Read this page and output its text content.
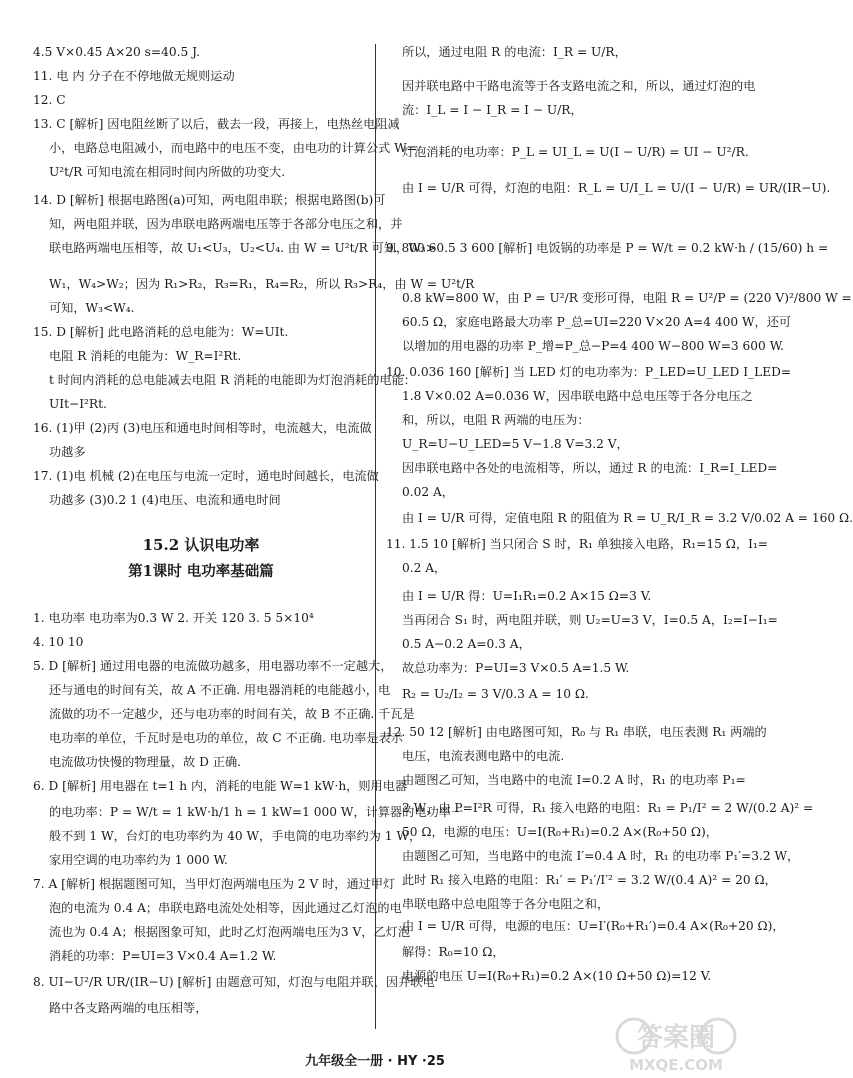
4.5 V×0.45 A×20 s=40.5 J.
11. 电 内 分子在不停地做无规则运动
12. C
13. C [解析] 因电阻丝断了以后，截去一段，再接上，电热丝电阻减
小，电路总电阻减小，而电路中的电压不变，由电功的计算公式 W=
U²t/R 可知电流在相同时间内所做的功变大.
14. D [解析] 根据电路图(a)可知，两电阻串联；根据电路图(b)可
知，两电阻并联，因为串联电路两端电压等于各部分电压之和，并
联电路两端电压相等，故 U₁<U₃，U₂<U₄. 由 W = U²t/R 可知，W₃>
W₁，W₄>W₂；因为 R₁>R₂，R₃=R₁，R₄=R₂，所以 R₃>R₄，由 W = U²t/R
可知，W₃<W₄.
15. D [解析] 此电路消耗的总电能为：W=UIt.
电阻 R 消耗的电能为：W_R=I²Rt.
t 时间内消耗的总电能减去电阻 R 消耗的电能即为灯泡消耗的电能：
UIt−I²Rt.
16. (1)甲 (2)丙 (3)电压和通电时间相等时，电流越大，电流做
功越多
17. (1)电 机械 (2)在电压与电流一定时，通电时间越长，电流做
功越多 (3)0.2 1 (4)电压、电流和通电时间
第1课时 电功率基础篇
1. 电功率 电功率为0.3 W 2. 开关 120 3. 5 5×10⁴
4. 10 10
5. D [解析] 通过用电器的电流做功越多，用电器功率不一定越大，
还与通电的时间有关，故 A 不正确. 用电器消耗的电能越小，电
流做的功不一定越少，还与电功率的时间有关，故 B 不正确. 千瓦是
电功率的单位，千瓦时是电功的单位，故 C 不正确. 电功率是表示
电流做功快慢的物理量，故 D 正确.
6. D [解析] 用电器在 t=1 h 内，消耗的电能 W=1 kW·h，则用电器
的电功率：P = W/t = 1 kW·h/1 h = 1 kW=1 000 W，计算器的电功率一
般不到 1 W，台灯的电功率约为 40 W，手电筒的电功率约为 1 W，
家用空调的电功率约为 1 000 W.
7. A [解析] 根据题图可知，当甲灯泡两端电压为 2 V 时，通过甲灯
泡的电流为 0.4 A；串联电路电流处处相等，因此通过乙灯泡的电
流也为 0.4 A；根据图象可知，此时乙灯泡两端电压为3 V，乙灯泡
消耗的功率：P=UI=3 V×0.4 A=1.2 W.
8. UI−U²/R UR/(IR−U) [解析] 由题意可知，灯泡与电阻并联，因并联电
路中各支路两端的电压相等，
15.2 认识电功率
所以，通过电阻 R 的电流：I_R = U/R，
因并联电路中干路电流等于各支路电流之和，所以，通过灯泡的电
流：I_L = I − I_R = I − U/R，
灯泡消耗的电功率：P_L = UI_L = U(I − U/R) = UI − U²/R.
由 I = U/R 可得，灯泡的电阻：R_L = U/I_L = U/(I − U/R) = UR/(IR−U).
9. 800 60.5 3 600 [解析] 电饭锅的功率是 P = W/t = 0.2 kW·h / (15/60) h =
0.8 kW=800 W，由 P = U²/R 变形可得，电阻 R = U²/P = (220 V)²/800 W =
60.5 Ω，家庭电路最大功率 P_总=UI=220 V×20 A=4 400 W，还可
以增加的用电器的功率 P_增=P_总−P=4 400 W−800 W=3 600 W.
10. 0.036 160 [解析] 当 LED 灯的电功率为：P_LED=U_LED I_LED=
1.8 V×0.02 A=0.036 W，因串联电路中总电压等于各分电压之
和，所以，电阻 R 两端的电压为：
U_R=U−U_LED=5 V−1.8 V=3.2 V，
因串联电路中各处的电流相等，所以，通过 R 的电流：I_R=I_LED=
0.02 A，
由 I = U/R 可得，定值电阻 R 的阻值为 R = U_R/I_R = 3.2 V/0.02 A = 160 Ω.
11. 1.5 10 [解析] 当只闭合 S 时，R₁ 单独接入电路，R₁=15 Ω，I₁=
0.2 A，
由 I = U/R 得：U=I₁R₁=0.2 A×15 Ω=3 V.
当再闭合 S₁ 时，两电阻并联，则 U₂=U=3 V，I=0.5 A，I₂=I−I₁=
0.5 A−0.2 A=0.3 A，
故总功率为：P=UI=3 V×0.5 A=1.5 W.
R₂ = U₂/I₂ = 3 V/0.3 A = 10 Ω.
12. 50 12 [解析] 由电路图可知，R₀ 与 R₁ 串联，电压表测 R₁ 两端的
电压，电流表测电路中的电流.
由题图乙可知，当电路中的电流 I=0.2 A 时，R₁ 的电功率 P₁=
2 W，由 P=I²R 可得，R₁ 接入电路的电阻：R₁ = P₁/I² = 2 W/(0.2 A)² =
50 Ω，电源的电压：U=I(R₀+R₁)=0.2 A×(R₀+50 Ω)，
由题图乙可知，当电路中的电流 I′=0.4 A 时，R₁ 的电功率 P₁′=3.2 W，
此时 R₁ 接入电路的电阻：R₁′ = P₁′/I′² = 3.2 W/(0.4 A)² = 20 Ω，
串联电路中总电阻等于各分电阻之和，
由 I = U/R 可得，电源的电压：U=I′(R₀+R₁′)=0.4 A×(R₀+20 Ω)，
解得：R₀=10 Ω，
电源的电压 U=I(R₀+R₁)=0.2 A×(10 Ω+50 Ω)=12 V.
九年级全一册 · HY ·25
答案圈
MXQE.COM
